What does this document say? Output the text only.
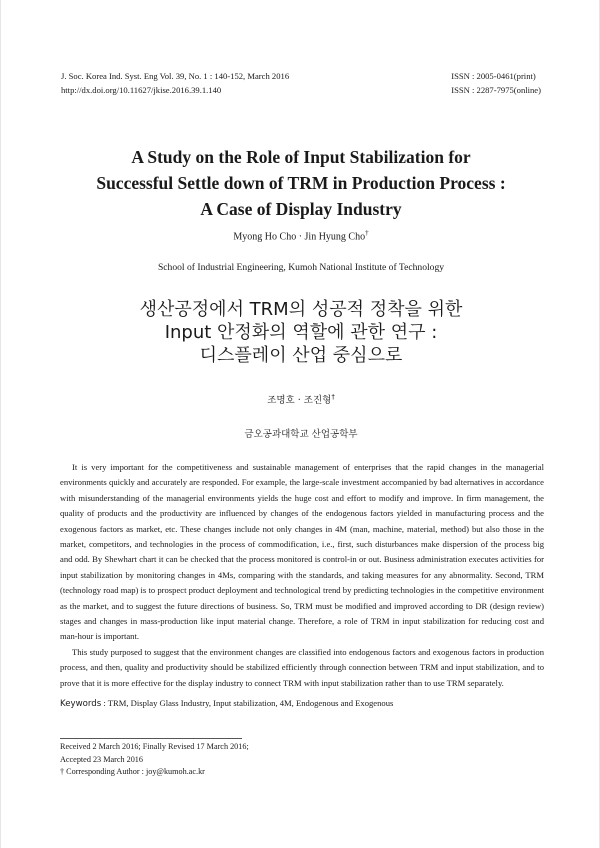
J. Soc. Korea Ind. Syst. Eng Vol. 39, No. 1 : 140-152, March 2016
http://dx.doi.org/10.11627/jkise.2016.39.1.140
ISSN : 2005-0461(print)
ISSN : 2287-7975(online)
A Study on the Role of Input Stabilization for
Successful Settle down of TRM in Production Process :
A Case of Display Industry
Myong Ho Cho · Jin Hyung Cho†
School of Industrial Engineering, Kumoh National Institute of Technology
생산공정에서 TRM의 성공적 정착을 위한
Input 안정화의 역할에 관한 연구 :
디스플레이 산업 중심으로
조명호 · 조진형†
금오공과대학교 산업공학부

It is very important for the competitiveness and sustainable management of enterprises that the rapid changes in the managerial environments quickly and accurately are responded. For example, the large-scale investment accompanied by bad alternatives in accordance with misunderstanding of the managerial environments yields the huge cost and effort to modify and improve. In firm management, the quality of products and the productivity are influenced by changes of the endogenous factors yielded in manufacturing process and the exogenous factors as market, etc. These changes include not only changes in 4M (man, machine, material, method) but also those in the market, competitors, and technologies in the process of commodification, i.e., first, such disturbances make dispersion of the process big and odd. By Shewhart chart it can be checked that the process monitored is control-in or out. Business administration executes activities for input stabilization by monitoring changes in 4Ms, comparing with the standards, and taking measures for any abnormality. Second, TRM (technology road map) is to prospect product deployment and technological trend by predicting technologies in the competitive environment as the market, and to suggest the future directions of business. So, TRM must be modified and improved according to DR (design review) stages and changes in mass-production like input material change. Therefore, a role of TRM in input stabilization for reducing cost and man-hour is important.

This study purposed to suggest that the environment changes are classified into endogenous factors and exogenous factors in production process, and then, quality and productivity should be stabilized efficiently through connection between TRM and input stabilization, and to prove that it is more effective for the display industry to connect TRM with input stabilization rather than to use TRM separately.

Keywords : TRM, Display Glass Industry, Input stabilization, 4M, Endogenous and Exogenous
Received 2 March 2016; Finally Revised 17 March 2016;
Accepted 23 March 2016
† Corresponding Author : joy@kumoh.ac.kr
